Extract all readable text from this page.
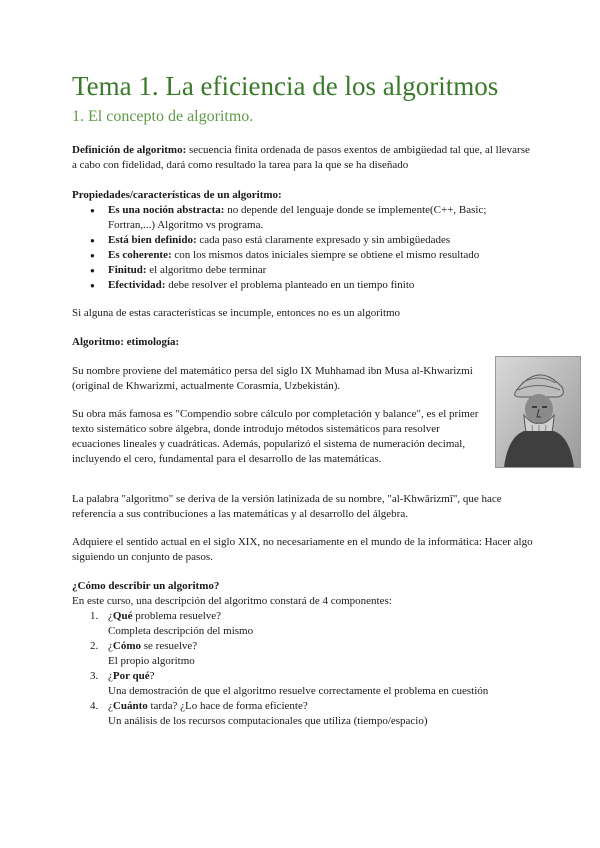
Tema 1. La eficiencia de los algoritmos
1. El concepto de algoritmo.

Definición de algoritmo: secuencia finita ordenada de pasos exentos de ambigüedad tal que, al llevarse a cabo con fidelidad, dará como resultado la tarea para la que se ha diseñado

Propiedades/características de un algoritmo:

● Es una noción abstracta: no depende del lenguaje donde se implemente(C++, Basic; Fortran,...) Algoritmo vs programa.
● Está bien definido: cada paso está claramente expresado y sin ambigüedades
● Es coherente: con los mismos datos iniciales siempre se obtiene el mismo resultado
● Finitud: el algoritmo debe terminar
● Efectividad: debe resolver el problema planteado en un tiempo finito

Si alguna de estas características se incumple, entonces no es un algoritmo

Algoritmo: etimología:

Su nombre proviene del matemático persa del siglo IX Muhhamad ibn Musa al-Khwarizmi (original de Khwarizmi, actualmente Corasmia, Uzbekistán).

Su obra más famosa es "Compendio sobre cálculo por completación y balance", es el primer texto sistemático sobre álgebra, donde introdujo métodos sistemáticos para resolver ecuaciones lineales y cuadráticas. Además, popularizó el sistema de numeración decimal, incluyendo el cero, fundamental para el desarrollo de las matemáticas.

La palabra "algoritmo" se deriva de la versión latinizada de su nombre, "al-Khwārizmī", que hace referencia a sus contribuciones a las matemáticas y al desarrollo del álgebra.

Adquiere el sentido actual en el siglo XIX, no necesariamente en el mundo de la informática: Hacer algo siguiendo un conjunto de pasos.

¿Cómo describir un algoritmo?

En este curso, una descripción del algoritmo constará de 4 componentes:

1. ¿Qué problema resuelve?
Completa descripción del mismo
2. ¿Cómo se resuelve?
El propio algoritmo
3. ¿Por qué?
Una demostración de que el algoritmo resuelve correctamente el problema en cuestión
4. ¿Cuánto tarda? ¿Lo hace de forma eficiente?
Un análisis de los recursos computacionales que utiliza (tiempo/espacio)
